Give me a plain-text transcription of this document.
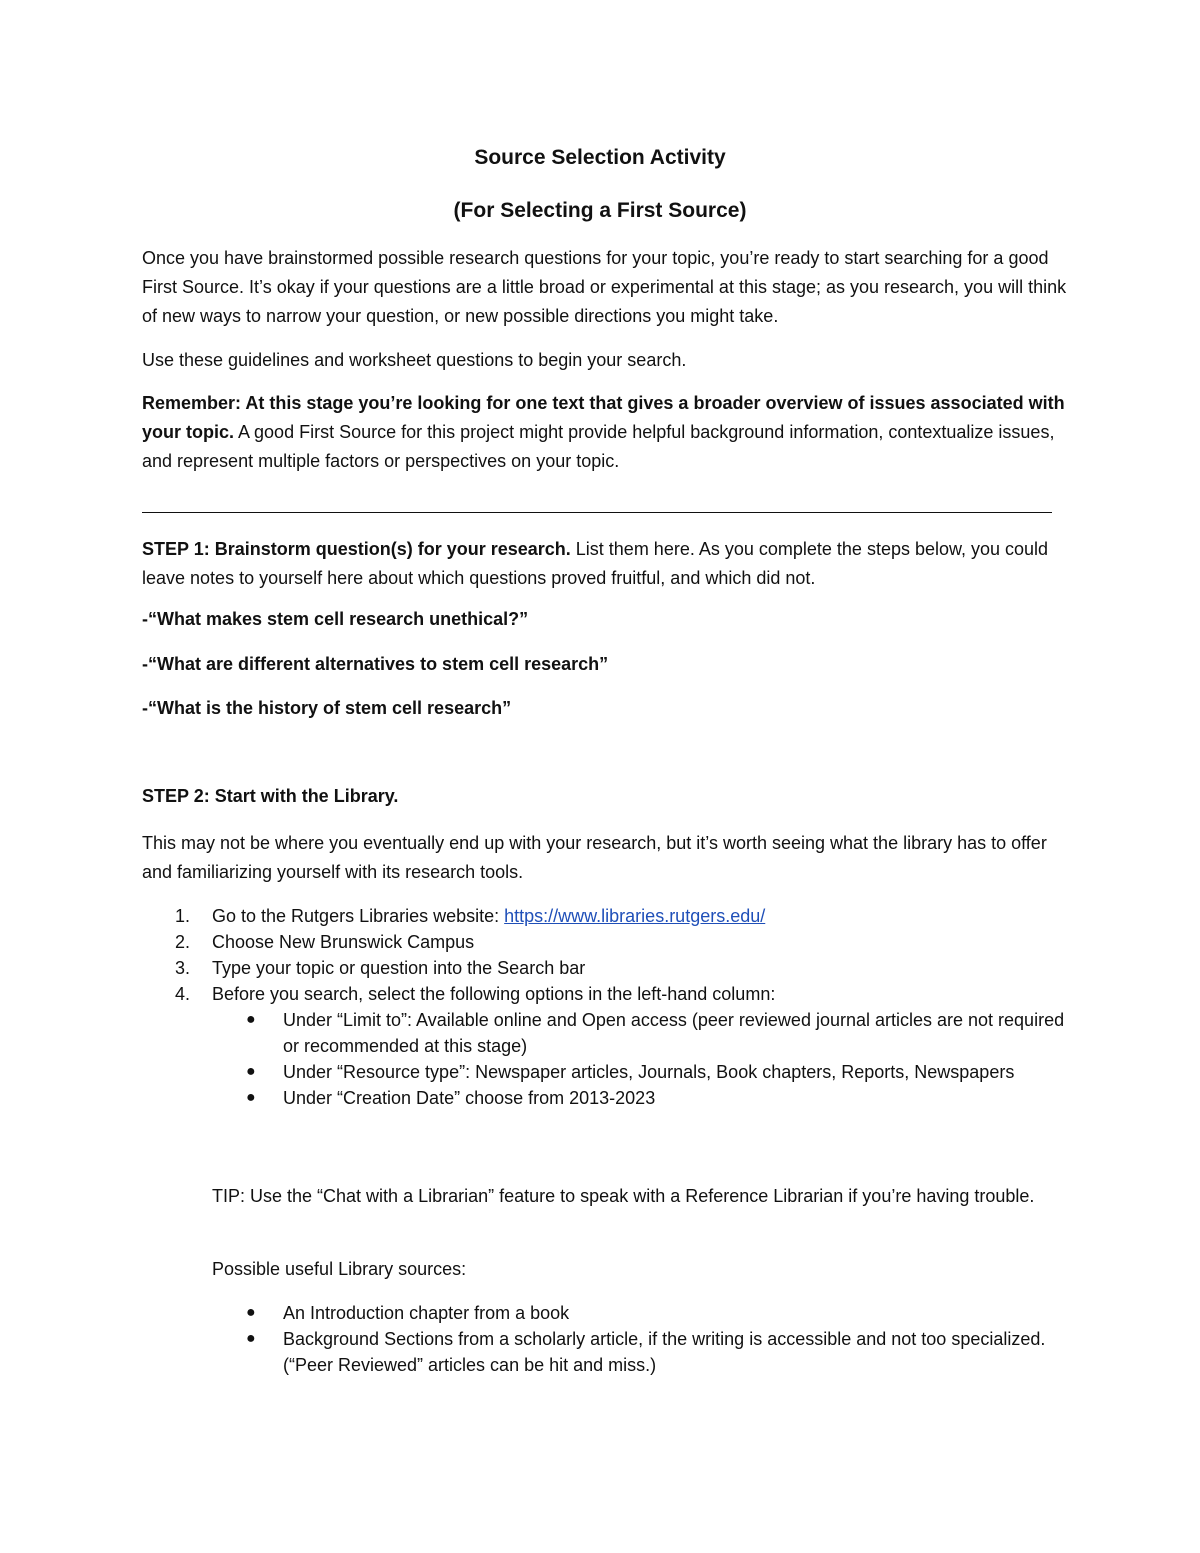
Source Selection Activity
(For Selecting a First Source)

Once you have brainstormed possible research questions for your topic, you’re ready to start searching for a good First Source. It’s okay if your questions are a little broad or experimental at this stage; as you research, you will think of new ways to narrow your question, or new possible directions you might take.

Use these guidelines and worksheet questions to begin your search.

Remember: At this stage you’re looking for one text that gives a broader overview of issues associated with your topic. A good First Source for this project might provide helpful background information, contextualize issues, and represent multiple factors or perspectives on your topic.

STEP 1: Brainstorm question(s) for your research. List them here. As you complete the steps below, you could leave notes to yourself here about which questions proved fruitful, and which did not.

-“What makes stem cell research unethical?”

-“What are different alternatives to stem cell research”

-“What is the history of stem cell research”

STEP 2: Start with the Library.

This may not be where you eventually end up with your research, but it’s worth seeing what the library has to offer and familiarizing yourself with its research tools.

1. Go to the Rutgers Libraries website: https://www.libraries.rutgers.edu/
2. Choose New Brunswick Campus
3. Type your topic or question into the Search bar
4. Before you search, select the following options in the left-hand column:
● Under “Limit to”: Available online and Open access (peer reviewed journal articles are not required or recommended at this stage)
● Under “Resource type”: Newspaper articles, Journals, Book chapters, Reports, Newspapers
● Under “Creation Date” choose from 2013-2023

TIP: Use the “Chat with a Librarian” feature to speak with a Reference Librarian if you’re having trouble.

Possible useful Library sources:

● An Introduction chapter from a book
● Background Sections from a scholarly article, if the writing is accessible and not too specialized. (“Peer Reviewed” articles can be hit and miss.)
